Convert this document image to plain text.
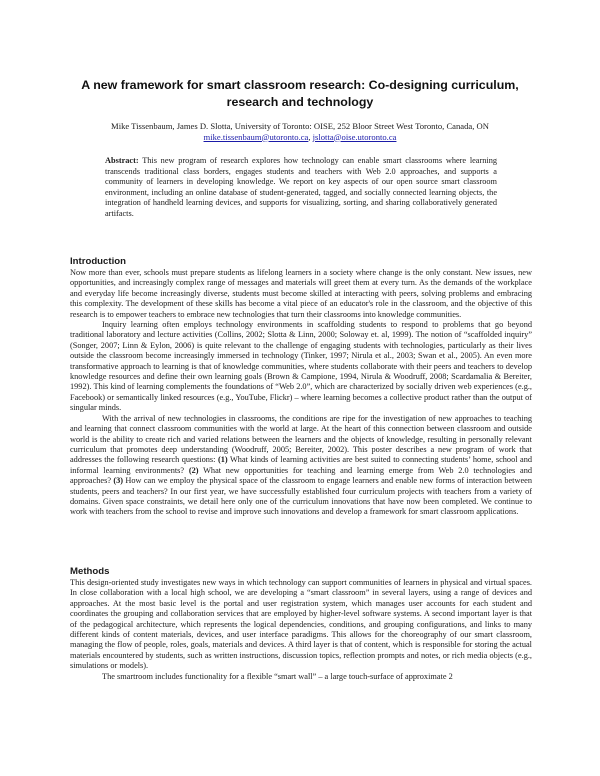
A new framework for smart classroom research: Co-designing curriculum, research and technology
Mike Tissenbaum, James D. Slotta, University of Toronto: OISE, 252 Bloor Street West Toronto, Canada, ON
mike.tissenbaum@utoronto.ca, jslotta@oise.utoronto.ca
Abstract: This new program of research explores how technology can enable smart classrooms where learning transcends traditional class borders, engages students and teachers with Web 2.0 approaches, and supports a community of learners in developing knowledge. We report on key aspects of our open source smart classroom environment, including an online database of student-generated, tagged, and socially connected learning objects, the integration of handheld learning devices, and supports for visualizing, sorting, and sharing collaboratively generated artifacts.
Introduction

Now more than ever, schools must prepare students as lifelong learners in a society where change is the only constant. New issues, new opportunities, and increasingly complex range of messages and materials will greet them at every turn. As the demands of the workplace and everyday life become increasingly diverse, students must become skilled at interacting with peers, solving problems and embracing this complexity. The development of these skills has become a vital piece of an educator's role in the classroom, and the objective of this research is to empower teachers to embrace new technologies that turn their classrooms into knowledge communities.

Inquiry learning often employs technology environments in scaffolding students to respond to problems that go beyond traditional laboratory and lecture activities (Collins, 2002; Slotta & Linn, 2000; Soloway et. al, 1999). The notion of “scaffolded inquiry” (Songer, 2007; Linn & Eylon, 2006) is quite relevant to the challenge of engaging students with technologies, particularly as their lives outside the classroom become increasingly immersed in technology (Tinker, 1997; Nirula et al., 2003; Swan et al., 2005). An even more transformative approach to learning is that of knowledge communities, where students collaborate with their peers and teachers to develop knowledge resources and define their own learning goals (Brown & Campione, 1994, Nirula & Woodruff, 2008; Scardamalia & Bereiter, 1992). This kind of learning complements the foundations of “Web 2.0”, which are characterized by socially driven web experiences (e.g., Facebook) or semantically linked resources (e.g., YouTube, Flickr) – where learning becomes a collective product rather than the output of singular minds.

With the arrival of new technologies in classrooms, the conditions are ripe for the investigation of new approaches to teaching and learning that connect classroom communities with the world at large. At the heart of this connection between classroom and outside world is the ability to create rich and varied relations between the learners and the objects of knowledge, resulting in personally relevant curriculum that promotes deep understanding (Woodruff, 2005; Bereiter, 2002). This poster describes a new program of work that addresses the following research questions: (1) What kinds of learning activities are best suited to connecting students’ home, school and informal learning environments? (2) What new opportunities for teaching and learning emerge from Web 2.0 technologies and approaches? (3) How can we employ the physical space of the classroom to engage learners and enable new forms of interaction between students, peers and teachers? In our first year, we have successfully established four curriculum projects with teachers from a variety of domains. Given space constraints, we detail here only one of the curriculum innovations that have now been completed. We continue to work with teachers from the school to revise and improve such innovations and develop a framework for smart classroom applications.

Methods

This design-oriented study investigates new ways in which technology can support communities of learners in physical and virtual spaces. In close collaboration with a local high school, we are developing a “smart classroom” in several layers, using a range of devices and approaches. At the most basic level is the portal and user registration system, which manages user accounts for each student and coordinates the grouping and collaboration services that are employed by higher-level software systems. A second important layer is that of the pedagogical architecture, which represents the logical dependencies, conditions, and grouping configurations, and links to many different kinds of content materials, devices, and user interface paradigms. This allows for the choreography of our smart classroom, managing the flow of people, roles, goals, materials and devices. A third layer is that of content, which is responsible for storing the actual materials encountered by students, such as written instructions, discussion topics, reflection prompts and notes, or rich media objects (e.g., simulations or models).

The smartroom includes functionality for a flexible “smart wall” – a large touch-surface of approximate 2
